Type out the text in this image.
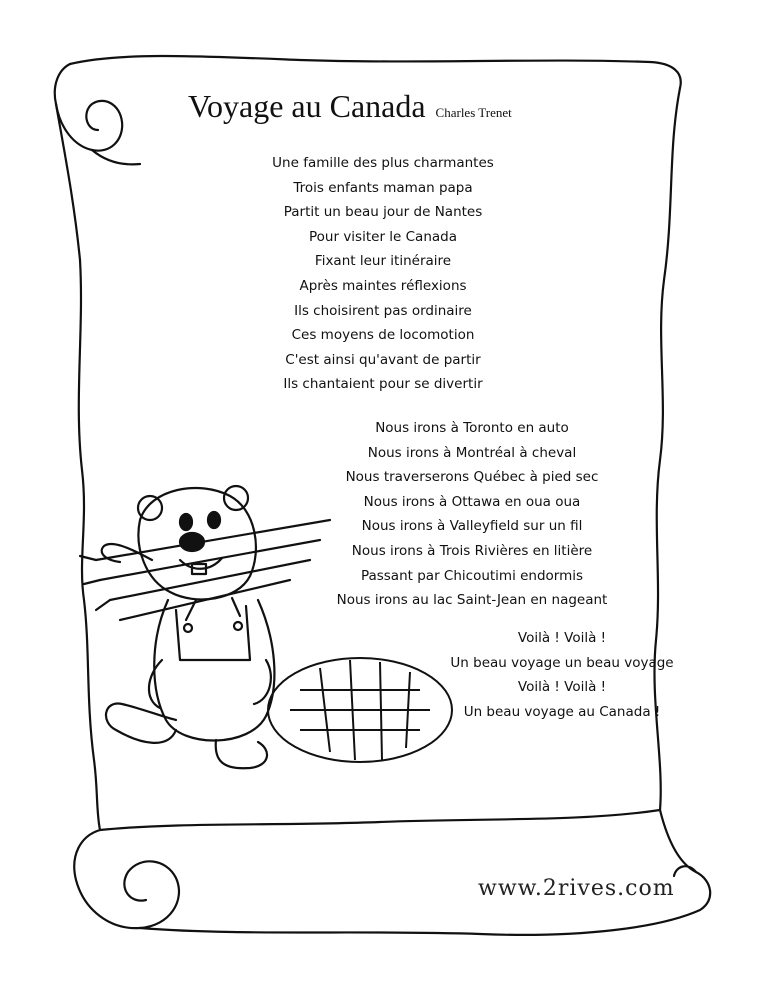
Voyage au Canada Charles Trenet
Une famille des plus charmantes
Trois enfants maman papa
Partit un beau jour de Nantes
Pour visiter le Canada
Fixant leur itinéraire
Après maintes réflexions
Ils choisirent pas ordinaire
Ces moyens de locomotion
C'est ainsi qu'avant de partir
Ils chantaient pour se divertir
Nous irons à Toronto en auto
Nous irons à Montréal à cheval
Nous traverserons Québec à pied sec
Nous irons à Ottawa en oua oua
Nous irons à Valleyfield sur un fil
Nous irons à Trois Rivières en litière
Passant par Chicoutimi endormis
Nous irons au lac Saint-Jean en nageant
Voilà ! Voilà !
Un beau voyage un beau voyage
Voilà ! Voilà !
Un beau voyage au Canada !
www.2rives.com
